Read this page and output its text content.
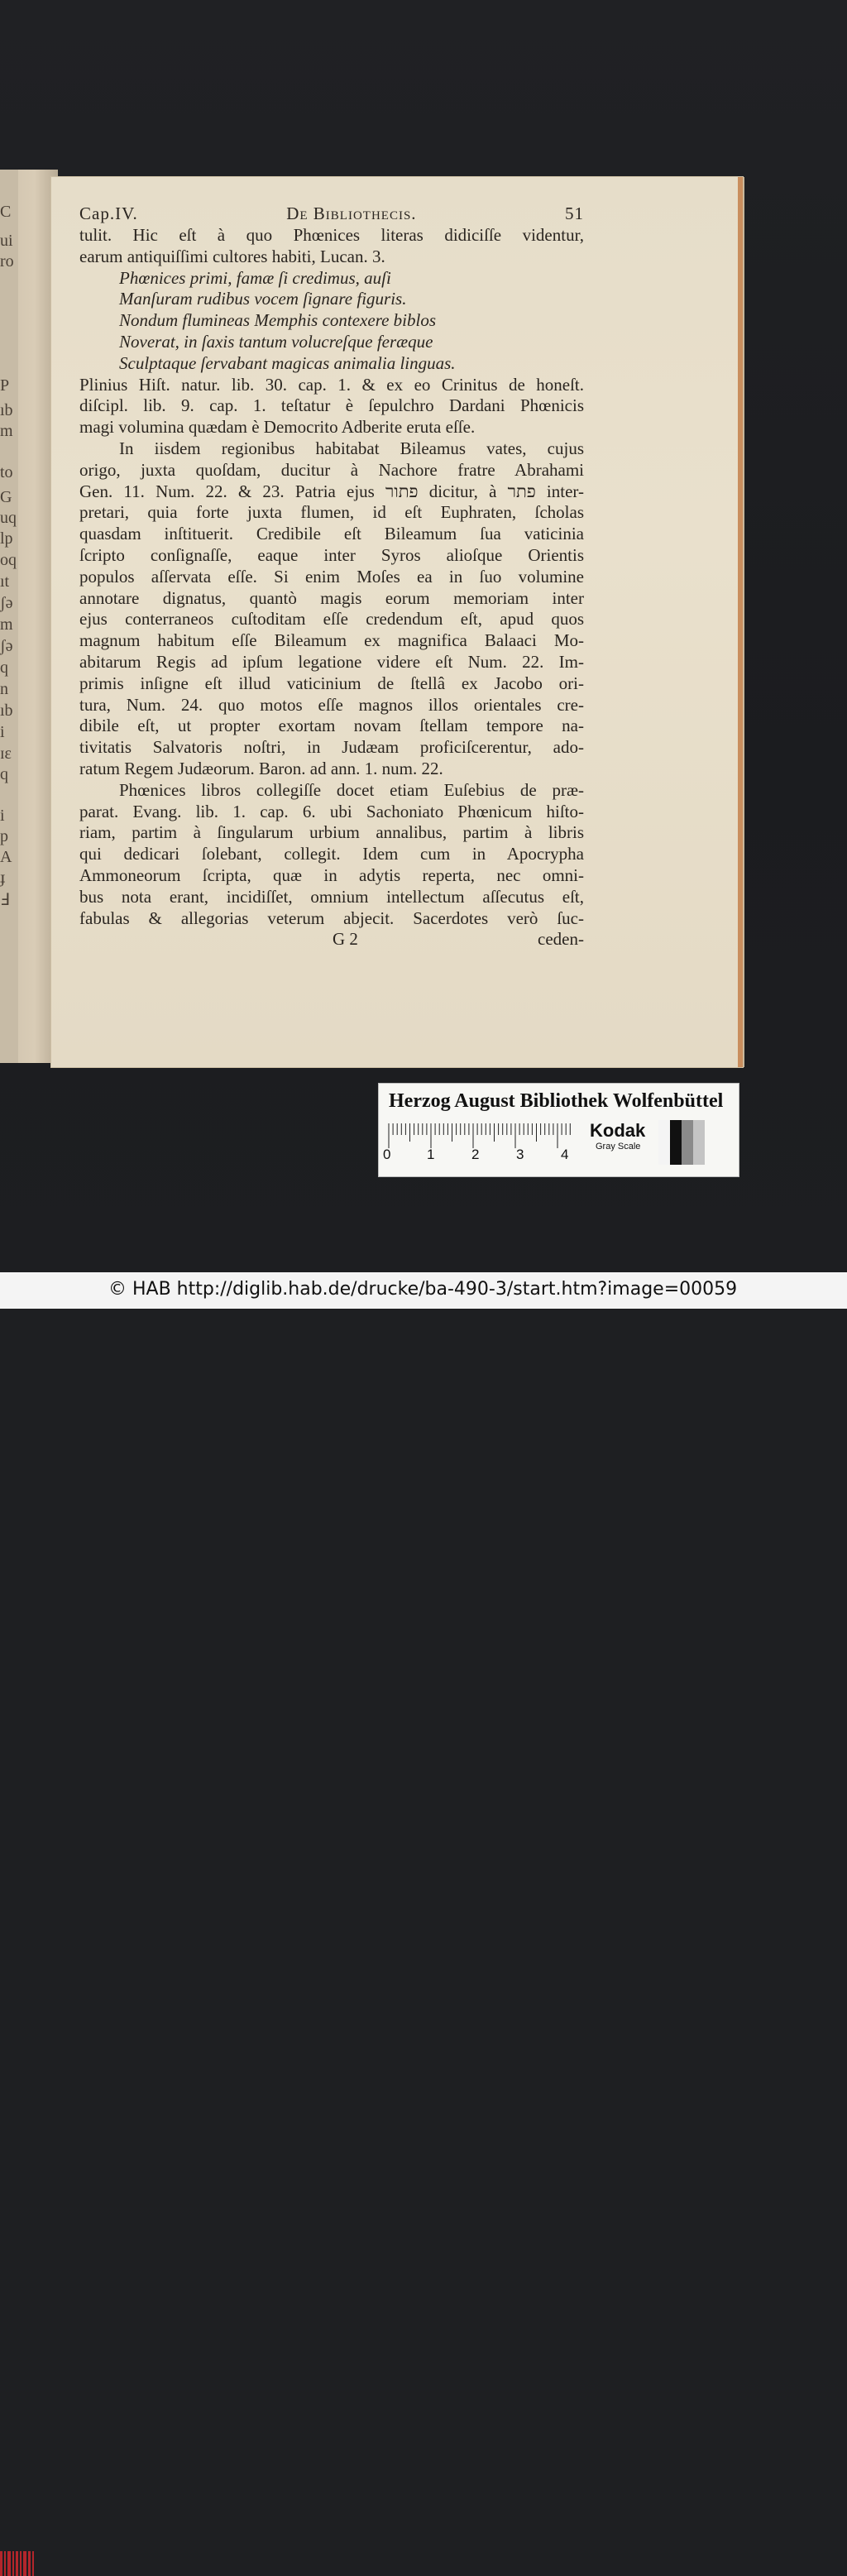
C
ui
ro
P
ıb
m
to
G
uq
lp
oq
ıt
ʃə
m
ʃə
q
n
ıb
i
ɪɛ
q
i
p
A
ɟ
Ⅎ
Cap.IV.	De Bibliothecis.	51
tulit. Hic eſt à quo Phœnices literas didiciſſe videntur,
earum antiquiſſimi cultores habiti, Lucan. 3.
Phœnices primi, famæ ſi credimus, auſi
Manſuram rudibus vocem ſignare figuris.
Nondum flumineas Memphis contexere biblos
Noverat, in ſaxis tantum volucreſque feræque
Sculptaque ſervabant magicas animalia linguas.
Plinius Hiſt. natur. lib. 30. cap. 1. & ex eo Crinitus de honeſt.
diſcipl. lib. 9. cap. 1. teſtatur è ſepulchro Dardani Phœnicis
magi volumina quædam è Democrito Adberite eruta eſſe.
In iisdem regionibus habitabat Bileamus vates, cujus
origo, juxta quoſdam, ducitur à Nachore fratre Abrahami
Gen. 11. Num. 22. & 23. Patria ejus פתור dicitur, à פתר inter-
pretari, quia forte juxta flumen, id eſt Euphraten, ſcholas
quasdam inſtituerit. Credibile eſt Bileamum ſua vaticinia
ſcripto conſignaſſe, eaque inter Syros alioſque Orientis
populos aſſervata eſſe. Si enim Moſes ea in ſuo volumine
annotare dignatus, quantò magis eorum memoriam inter
ejus conterraneos cuſtoditam eſſe credendum eſt, apud quos
magnum habitum eſſe Bileamum ex magnifica Balaaci Mo-
abitarum Regis ad ipſum legatione videre eſt Num. 22. Im-
primis inſigne eſt illud vaticinium de ſtellâ ex Jacobo ori-
tura, Num. 24. quo motos eſſe magnos illos orientales cre-
dibile eſt, ut propter exortam novam ſtellam tempore na-
tivitatis Salvatoris noſtri, in Judæam proficiſcerentur, ado-
ratum Regem Judæorum. Baron. ad ann. 1. num. 22.
Phœnices libros collegiſſe docet etiam Euſebius de præ-
parat. Evang. lib. 1. cap. 6. ubi Sachoniato Phœnicum hiſto-
riam, partim à ſingularum urbium annalibus, partim à libris
qui dedicari ſolebant, collegit. Idem cum in Apocrypha
Ammoneorum ſcripta, quæ in adytis reperta, nec omni-
bus nota erant, incidiſſet, omnium intellectum aſſecutus eſt,
fabulas & allegorias veterum abjecit. Sacerdotes verò ſuc-
G 2	ceden-
Herzog August Bibliothek Wolfenbüttel
0	1	2	3	4
Kodak
Gray Scale
© HAB http://diglib.hab.de/drucke/ba-490-3/start.htm?image=00059
